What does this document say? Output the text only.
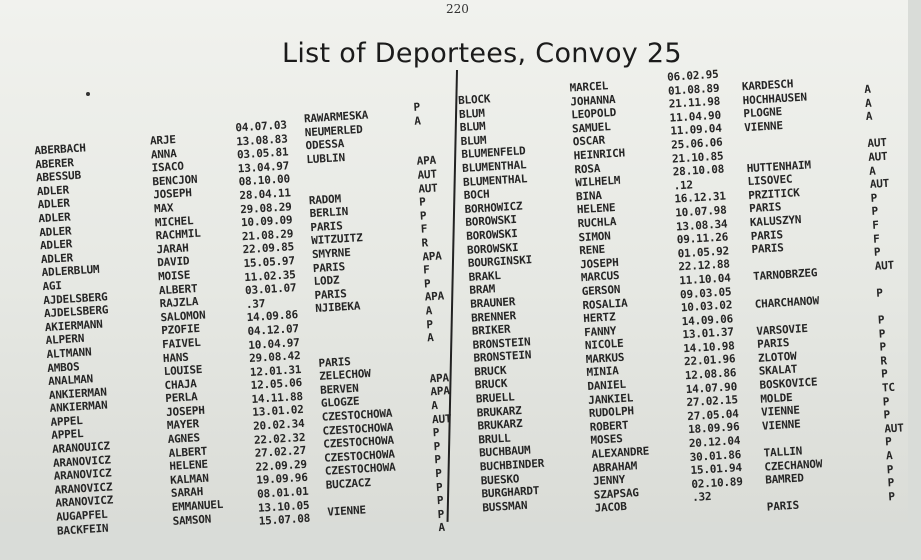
220
List of Deportees, Convoy 25
ABERBACH
ABERER
ABESSUB
ADLER
ADLER
ADLER
ADLER
ADLER
ADLER
ADLERBLUM
AGI
AJDELSBERG
AJDELSBERG
AKIERMANN
ALPERN
ALTMANN
AMBOS
ANALMAN
ANKIERMAN
ANKIERMAN
APPEL
APPEL
ARANOUICZ
ARANOVICZ
ARANOVICZ
ARANOVICZ
ARANOVICZ
AUGAPFEL
BACKFEIN
ARJE
ANNA
ISACO
BENCJON
JOSEPH
MAX
MICHEL
RACHMIL
JARAH
DAVID
MOISE
ALBERT
RAJZLA
SALOMON
PZOFIE
FAIVEL
HANS
LOUISE
CHAJA
PERLA
JOSEPH
MAYER
AGNES
ALBERT
HELENE
KALMAN
SARAH
EMMANUEL
SAMSON
04.07.03
13.08.83
03.05.81
13.04.97
08.10.00
28.04.11
29.08.29
10.09.09
21.08.29
22.09.85
15.05.97
11.02.35
03.01.07
.37
14.09.86
04.12.07
10.04.97
29.08.42
12.01.31
12.05.06
14.11.88
13.01.02
20.02.34
22.02.32
27.02.27
22.09.29
19.09.96
08.01.01
13.10.05
15.07.08
RAWARMESKA
NEUMERLED
ODESSA
LUBLIN
RADOM
BERLIN
PARIS
WITZUITZ
SMYRNE
PARIS
LODZ
PARIS
NJIBEKA
PARIS
ZELECHOW
BERVEN
GLOGZE
CZESTOCHOWA
CZESTOCHOWA
CZESTOCHOWA
CZESTOCHOWA
CZESTOCHOWA
BUCZACZ
VIENNE
P
A
APA
AUT
AUT
P
P
F
R
APA
F
P
APA
A
P
A
APA
APA
A
AUT
P
P
P
P
P
P
P
A
BLOCK
BLUM
BLUM
BLUM
BLUMENFELD
BLUMENTHAL
BLUMENTHAL
BOCH
BORHOWICZ
BOROWSKI
BOROWSKI
BOROWSKI
BOURGINSKI
BRAKL
BRAM
BRAUNER
BRENNER
BRIKER
BRONSTEIN
BRONSTEIN
BRUCK
BRUCK
BRUELL
BRUKARZ
BRUKARZ
BRULL
BUCHBAUM
BUCHBINDER
BUESKO
BURGHARDT
BUSSMAN
MARCEL
JOHANNA
LEOPOLD
SAMUEL
OSCAR
HEINRICH
ROSA
WILHELM
BINA
HELENE
RUCHLA
SIMON
RENE
JOSEPH
MARCUS
GERSON
ROSALIA
HERTZ
FANNY
NICOLE
MARKUS
MINIA
DANIEL
JANKIEL
RUDOLPH
ROBERT
MOSES
ALEXANDRE
ABRAHAM
JENNY
SZAPSAG
JACOB
06.02.95
01.08.89
21.11.98
11.04.90
11.09.04
25.06.06
21.10.85
28.10.08
.12
16.12.31
10.07.98
13.08.34
09.11.26
01.05.92
22.12.88
11.10.04
09.03.05
10.03.02
14.09.06
13.01.37
14.10.98
22.01.96
12.08.86
14.07.90
27.02.15
27.05.04
18.09.96
20.12.04
30.01.86
15.01.94
02.10.89
.32
KARDESCH
HOCHHAUSEN
PLOGNE
VIENNE
HUTTENHAIM
LISOVEC
PRZITICK
PARIS
KALUSZYN
PARIS
PARIS
TARNOBRZEG
CHARCHANOW
VARSOVIE
PARIS
ZLOTOW
SKALAT
BOSKOVICE
MOLDE
VIENNE
VIENNE
TALLIN
CZECHANOW
BAMRED
PARIS
A
A
A
AUT
AUT
A
AUT
P
P
F
F
P
AUT
P
P
P
P
R
P
TC
P
P
AUT
P
A
P
P
P
